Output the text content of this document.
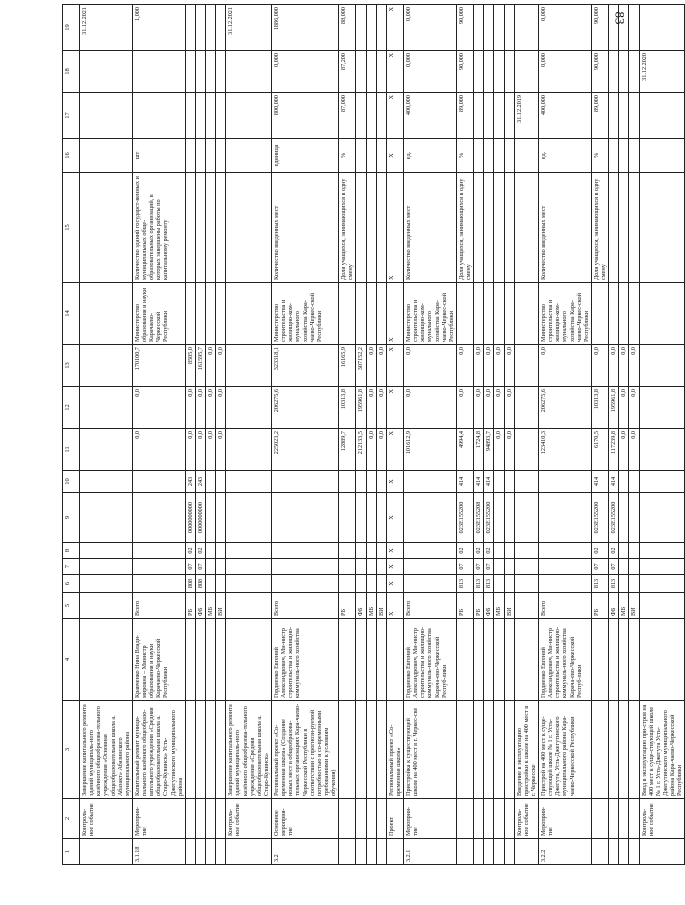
83
1	2	3	4	5	6	7	8	9	10	11	12	13	14	15	16	17	18	19
	Контроль-ное событие	Завершение капитального ремонта зданий муниципаль-ного казённого общеобразова-тельного учреждения «Основная общеобразовательная школа а. Абазакт» Абазинского муниципального района																31.12.2021
3.1.18	Мероприя-тие	Капитальный ремонт муници-пального казённого общеобразо-вательного учреждения «Средняя общеобразовательная школа а. Старо-Кувинск» Усть-Джегутинского муниципального района	Кравченко Нина Влади-мировна – Министр образования и науки Карачаево-Черкесской Республики	Всего						0,0	0,0	170100,7	Министерство образования и науки Карачаево-Черкесской Республики	Количество зданий государст-венных и муниципальных обще-образовательных организаций, в которых завершены работы по капитальному ремонту	шт			1,000
				РБ	808	07	02	0000000000	243	0,0	0,0	8505,0						
				ФБ	808	07	02	0000000000	243	0,0	0,0	161595,7						
				МБ						0,0	0,0	0,0						
				ВИ						0,0	0,0	0,0						
	Контроль-ное событие	Завершение капитального ремонта зданий муниципаль-ного казённого общеобразова-тельного учреждения «Средняя общеобразовательная школа а. Старо-Кувинск»																31.12.2021
3.2	Основное мероприя-тие	Региональный проект «Со-временная школа» (Создание новых мест в общеобразова-тельных организациях Кара-чаево-Черкесской Республики в соответствии с прогнози-руемой потребностью и со-временными требованиями к условиям обучения)	Гордиенко Евгений Александрович, Ми-нистр строительства и жилищно-коммуналь-ного хозяйства	Всего						225023,2	206275,6	323318,1	Министерство строительства и жилищно-ком-мунального хозяйства Кара-чаево-Черкес-ской Республики	Количество введенных мест	единица	800,000	0,000	1886,000
				РБ						12889,7	10313,8	16165,9		Доля учащихся, занимающихся в одну смену	%	87,000	87,200	88,000
				ФБ						212133,5	195961,8	307152,2						
				МБ						0,0	0,0	0,0						
				ВИ						0,0	0,0	0,0						
	Проект	Региональный проект «Со-временная школа»		Х	Х	Х	Х	Х	Х	Х	Х	Х	Х	Х	Х	Х	Х	Х
3.2.1	Мероприя-тие	Пристройка к существующей школе на 400 мест в г. Черкес-ске	Гордиенко Евгений Александрович, Ми-нистр строительства и жилищно-коммуналь-ного хозяйства Карача-ево-Черкесской Респуб-лики	Всего						101612,9	0,0	0,0	Министерство строительства и жилищно-ком-мунального хозяйства Кара-чаево-Черкес-ской Республики	Количество введенных мест	ед.	400,000	0,000	0,000
				РБ	813	07	02	023Е155200	414	4994,4	0,0	0,0		Доля учащихся, занимающихся в одну смену	%	89,000	90,000	90,000
				РБ	813	07	02	023Е155208	414	1724,8	0,0	0,0						
				ФБ	813	07	02	023Е155200	414	94893,7	0,0	0,0						
				МБ						0,0	0,0	0,0						
				ВИ						0,0	0,0	0,0						
	Контроль-ное событие	Введение в эксплуатацию пристройки к школе на 400 мест в г. Черкесске														31.12.2019		
3.2.2	Мероприя-тие	Пристрой на 400 мест к суще-ствующей школе № 1 г. Усть-Джегута, Усть-Джегутинского муниципального района Кара-чаево-Черкесской Республики	Гордиенко Евгений Александрович, Ми-нистр строительства и жилищно-коммуналь-ного хозяйства Карача-ево-Черкесской Респуб-лики	Всего						123410,3	206275,6	0,0	Министерство строительства и жилищно-ком-мунального хозяйства Кара-чаево-Черкес-ской Республики	Количество введенных мест	ед.	400,000	0,000	0,000
				РБ	813	07	02	023Е155200	414	6170,5	10313,8	0,0		Доля учащихся, занимающихся в одну смену	%	89,000	90,000	90,000
				ФБ	813	07	02	023Е155200	414	117239,8	195961,8	0,0						
				МБ						0,0	0,0	0,0						
				ВИ						0,0	0,0	0,0						
	Контроль-ное событие	Ввод в эксплуатацию при-строя на 400 мест к суще-ствующей школе № 1 г. Усть-Джегута Усть-Джегутинского муниципального района Кара-чаево-Черкесской Республики															31.12.2020	
